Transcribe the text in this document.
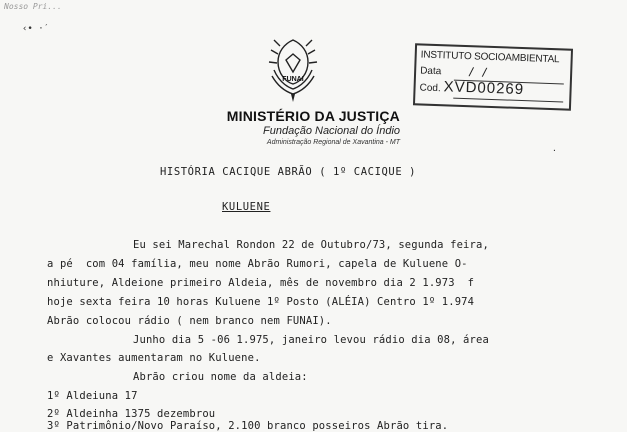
Nosso Pri...
‹• ·ˊ
FUNAI
MINISTÉRIO DA JUSTIÇA
Fundação Nacional do Índio
Administração Regional de Xavantina - MT
INSTITUTO SOCIOAMBIENTAL
Data / /
Cod. XVD00269
·
HISTÓRIA CACIQUE ABRÃO ( 1º CACIQUE )
KULUENE
Eu sei Marechal Rondon 22 de Outubro/73, segunda feira,
a pé  com 04 família, meu nome Abrão Rumori, capela de Kuluene O-
nhiuture, Aldeione primeiro Aldeia, mês de novembro dia 2 1.973  f
hoje sexta feira 10 horas Kuluene 1º Posto (ALÉIA) Centro 1º 1.974
Abrão colocou rádio ( nem branco nem FUNAI).
Junho dia 5 -06 1.975, janeiro levou rádio dia 08, área
e Xavantes aumentaram no Kuluene.
Abrão criou nome da aldeia:
1º Aldeiuna 17
2º Aldeinha 1375 dezembrou
3º Patrimônio/Novo Paraíso, 2.100 branco posseiros Abrão tira.
